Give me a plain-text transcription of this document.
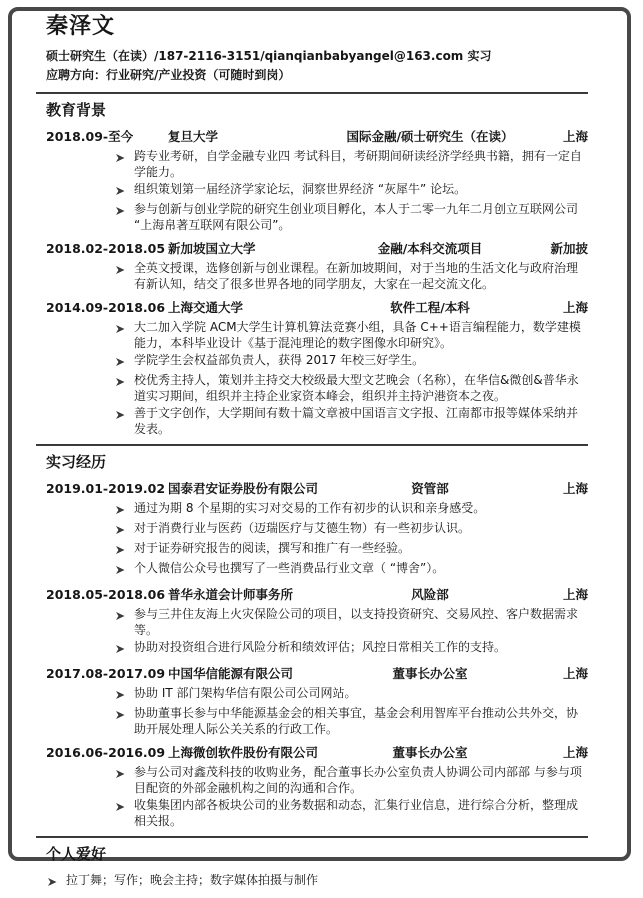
秦泽文
硕士研究生（在读）/187-2116-3151/qianqianbabyangel@163.com 实习
应聘方向：行业研究/产业投资（可随时到岗）
教育背景
2018.09-至今	复旦大学	国际金融/硕士研究生（在读）	上海
跨专业考研，自学金融专业四 考试科目，考研期间研读经济学经典书籍，拥有一定自学能力。
组织策划第一届经济学家论坛，洞察世界经济 “灰犀牛” 论坛。
参与创新与创业学院的研究生创业项目孵化，本人于二零一九年二月创立互联网公司 “上海帛著互联网有限公司”。
2018.02-2018.05 新加坡国立大学	金融/本科交流项目	新加披
全英文授课，选修创新与创业课程。在新加坡期间，对于当地的生活文化与政府治理有新认知，结交了很多世界各地的同学朋友，大家在一起交流文化。
2014.09-2018.06 上海交通大学	软件工程/本科	上海
大二加入学院 ACM大学生计算机算法竞赛小组，具备 C++语言编程能力，数学建模能力，本科毕业设计《基于混沌理论的数字图像水印研究》。
学院学生会权益部负责人，获得 2017 年校三好学生。
校优秀主持人，策划并主持交大校级最大型文艺晚会（名称），在华信&微创&普华永道实习期间，组织并主持企业家资本峰会，组织并主持沪港资本之夜。
善于文字创作，大学期间有数十篇文章被中国语言文字报、江南都市报等媒体采纳并发表。
实习经历
2019.01-2019.02 国泰君安证券股份有限公司	资管部	上海
通过为期 8 个星期的实习对交易的工作有初步的认识和亲身感受。
对于消费行业与医药（迈瑞医疗与艾德生物）有一些初步认识。
对于证券研究报告的阅读，撰写和推广有一些经验。
个人微信公众号也撰写了一些消费品行业文章（ “博舍”）。
2018.05-2018.06 普华永道会计师事务所	风险部	上海
参与三井住友海上火灾保险公司的项目，以支持投资研究、交易风控、客户数据需求等。
协助对投资组合进行风险分析和绩效评估；风控日常相关工作的支持。
2017.08-2017.09 中国华信能源有限公司	董事长办公室	上海
协助 IT 部门架构华信有限公司公司网站。
协助董事长参与中华能源基金会的相关事宜，基金会利用智库平台推动公共外交，协助开展处理人际公关关系的行政工作。
2016.06-2016.09 上海微创软件股份有限公司	董事长办公室	上海
参与公司对鑫茂科技的收购业务，配合董事长办公室负责人协调公司内部部 与参与项目配资的外部金融机构之间的沟通和合作。
收集集团内部各板块公司的业务数据和动态，汇集行业信息，进行综合分析，整理成相关报。
个人爱好
拉丁舞；写作；晚会主持；数字媒体拍摄与制作
